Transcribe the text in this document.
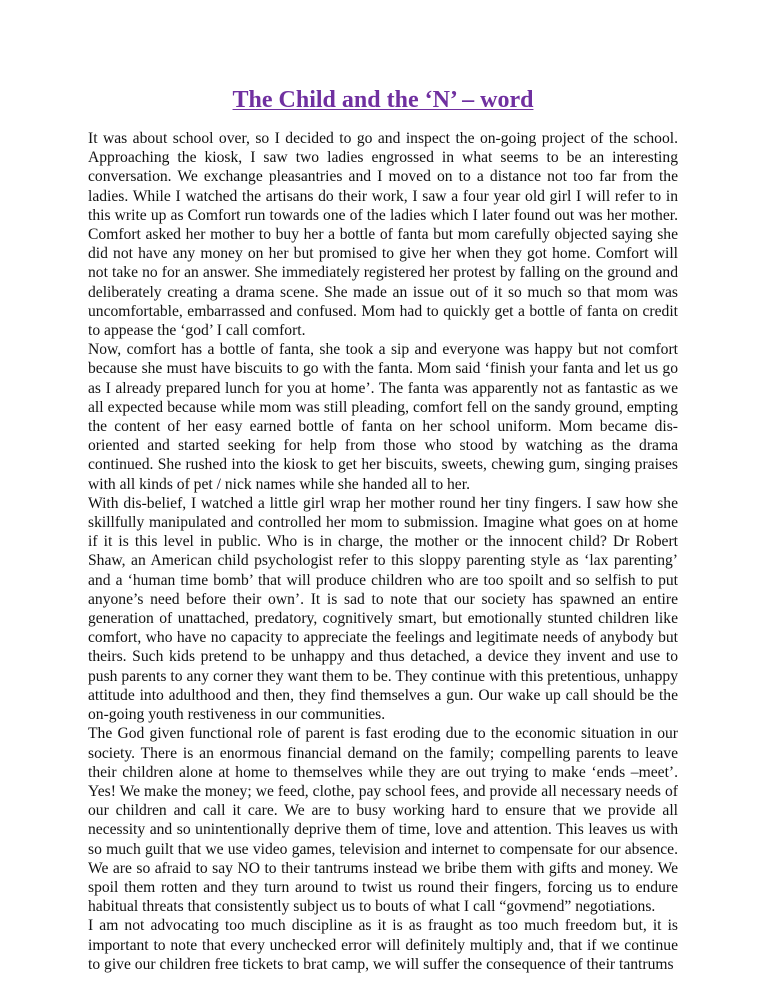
The Child and the ‘N’ – word

It was about school over, so I decided to go and inspect the on-going project of the school. Approaching the kiosk, I saw two ladies engrossed in what seems to be an interesting conversation. We exchange pleasantries and I moved on to a distance not too far from the ladies. While I watched the artisans do their work, I saw a four year old girl I will refer to in this write up as Comfort run towards one of the ladies which I later found out was her mother. Comfort asked her mother to buy her a bottle of fanta but mom carefully objected saying she did not have any money on her but promised to give her when they got home. Comfort will not take no for an answer. She immediately registered her protest by falling on the ground and deliberately creating a drama scene. She made an issue out of it so much so that mom was uncomfortable, embarrassed and confused. Mom had to quickly get a bottle of fanta on credit to appease the ‘god’ I call comfort.

Now, comfort has a bottle of fanta, she took a sip and everyone was happy but not comfort because she must have biscuits to go with the fanta. Mom said ‘finish your fanta and let us go as I already prepared lunch for you at home’. The fanta was apparently not as fantastic as we all expected because while mom was still pleading, comfort fell on the sandy ground, empting the content of her easy earned bottle of fanta on her school uniform. Mom became dis-oriented and started seeking for help from those who stood by watching as the drama continued. She rushed into the kiosk to get her biscuits, sweets, chewing gum, singing praises with all kinds of pet / nick names while she handed all to her.

With dis-belief, I watched a little girl wrap her mother round her tiny fingers. I saw how she skillfully manipulated and controlled her mom to submission. Imagine what goes on at home if it is this level in public. Who is in charge, the mother or the innocent child? Dr Robert Shaw, an American child psychologist refer to this sloppy parenting style as ‘lax parenting’ and a ‘human time bomb’ that will produce children who are too spoilt and so selfish to put anyone’s need before their own’. It is sad to note that our society has spawned an entire generation of unattached, predatory, cognitively smart, but emotionally stunted children like comfort, who have no capacity to appreciate the feelings and legitimate needs of anybody but theirs. Such kids pretend to be unhappy and thus detached, a device they invent and use to push parents to any corner they want them to be. They continue with this pretentious, unhappy attitude into adulthood and then, they find themselves a gun. Our wake up call should be the on-going youth restiveness in our communities.

The God given functional role of parent is fast eroding due to the economic situation in our society. There is an enormous financial demand on the family; compelling parents to leave their children alone at home to themselves while they are out trying to make ‘ends –meet’. Yes! We make the money; we feed, clothe, pay school fees, and provide all necessary needs of our children and call it care. We are to busy working hard to ensure that we provide all necessity and so unintentionally deprive them of time, love and attention. This leaves us with so much guilt that we use video games, television and internet to compensate for our absence. We are so afraid to say NO to their tantrums instead we bribe them with gifts and money. We spoil them rotten and they turn around to twist us round their fingers, forcing us to endure habitual threats that consistently subject us to bouts of what I call “govmend” negotiations.

I am not advocating too much discipline as it is as fraught as too much freedom but, it is important to note that every unchecked error will definitely multiply and, that if we continue to give our children free tickets to brat camp, we will suffer the consequence of their tantrums
